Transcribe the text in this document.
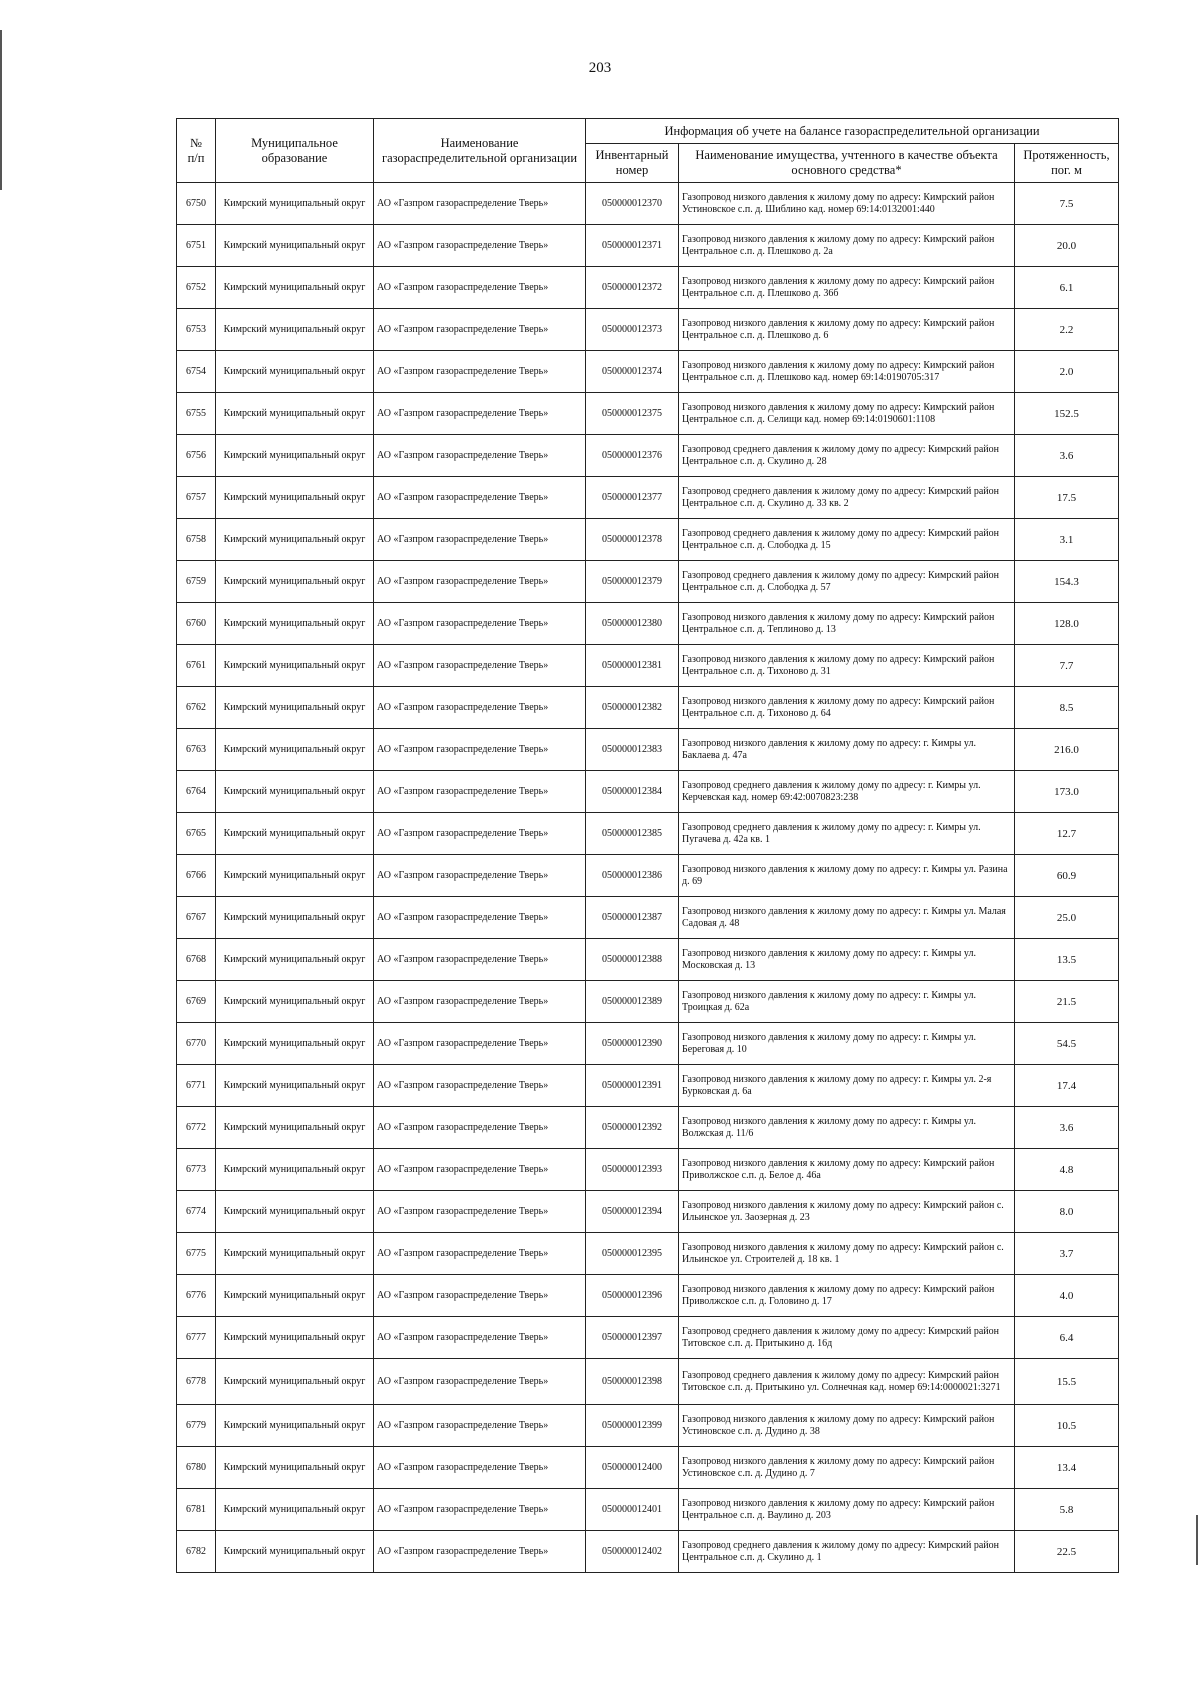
203
№
п/п	Муниципальное образование	Наименование газораспределительной организации	Информация об учете на балансе газораспределительной организации		
			Инвентарный номер	Наименование имущества, учтенного в качестве объекта основного средства*	Протяженность, пог. м
6750	Кимрский муниципальный округ	АО «Газпром газораспределение Тверь»	050000012370	Газопровод низкого давления к жилому дому по адресу: Кимрский район Устиновское с.п. д. Шиблино кад. номер 69:14:0132001:440	7.5
6751	Кимрский муниципальный округ	АО «Газпром газораспределение Тверь»	050000012371	Газопровод низкого давления к жилому дому по адресу: Кимрский район Центральное с.п. д. Плешково д. 2а	20.0
6752	Кимрский муниципальный округ	АО «Газпром газораспределение Тверь»	050000012372	Газопровод низкого давления к жилому дому по адресу: Кимрский район Центральное с.п. д. Плешково д. 36б	6.1
6753	Кимрский муниципальный округ	АО «Газпром газораспределение Тверь»	050000012373	Газопровод низкого давления к жилому дому по адресу: Кимрский район Центральное с.п. д. Плешково д. 6	2.2
6754	Кимрский муниципальный округ	АО «Газпром газораспределение Тверь»	050000012374	Газопровод низкого давления к жилому дому по адресу: Кимрский район Центральное с.п. д. Плешково кад. номер 69:14:0190705:317	2.0
6755	Кимрский муниципальный округ	АО «Газпром газораспределение Тверь»	050000012375	Газопровод низкого давления к жилому дому по адресу: Кимрский район Центральное с.п. д. Селищи кад. номер 69:14:0190601:1108	152.5
6756	Кимрский муниципальный округ	АО «Газпром газораспределение Тверь»	050000012376	Газопровод среднего давления к жилому дому по адресу: Кимрский район Центральное с.п. д. Скулино д. 28	3.6
6757	Кимрский муниципальный округ	АО «Газпром газораспределение Тверь»	050000012377	Газопровод среднего давления к жилому дому по адресу: Кимрский район Центральное с.п. д. Скулино д. 33 кв. 2	17.5
6758	Кимрский муниципальный округ	АО «Газпром газораспределение Тверь»	050000012378	Газопровод среднего давления к жилому дому по адресу: Кимрский район Центральное с.п. д. Слободка д. 15	3.1
6759	Кимрский муниципальный округ	АО «Газпром газораспределение Тверь»	050000012379	Газопровод среднего давления к жилому дому по адресу: Кимрский район Центральное с.п. д. Слободка д. 57	154.3
6760	Кимрский муниципальный округ	АО «Газпром газораспределение Тверь»	050000012380	Газопровод низкого давления к жилому дому по адресу: Кимрский район Центральное с.п. д. Теплиново д. 13	128.0
6761	Кимрский муниципальный округ	АО «Газпром газораспределение Тверь»	050000012381	Газопровод низкого давления к жилому дому по адресу: Кимрский район Центральное с.п. д. Тихоново д. 31	7.7
6762	Кимрский муниципальный округ	АО «Газпром газораспределение Тверь»	050000012382	Газопровод низкого давления к жилому дому по адресу: Кимрский район Центральное с.п. д. Тихоново д. 64	8.5
6763	Кимрский муниципальный округ	АО «Газпром газораспределение Тверь»	050000012383	Газопровод низкого давления к жилому дому по адресу: г. Кимры ул. Баклаева д. 47а	216.0
6764	Кимрский муниципальный округ	АО «Газпром газораспределение Тверь»	050000012384	Газопровод среднего давления к жилому дому по адресу: г. Кимры ул. Керчевская кад. номер 69:42:0070823:238	173.0
6765	Кимрский муниципальный округ	АО «Газпром газораспределение Тверь»	050000012385	Газопровод среднего давления к жилому дому по адресу: г. Кимры ул. Пугачева д. 42а кв. 1	12.7
6766	Кимрский муниципальный округ	АО «Газпром газораспределение Тверь»	050000012386	Газопровод низкого давления к жилому дому по адресу: г. Кимры ул. Разина д. 69	60.9
6767	Кимрский муниципальный округ	АО «Газпром газораспределение Тверь»	050000012387	Газопровод низкого давления к жилому дому по адресу: г. Кимры ул. Малая Садовая д. 48	25.0
6768	Кимрский муниципальный округ	АО «Газпром газораспределение Тверь»	050000012388	Газопровод низкого давления к жилому дому по адресу: г. Кимры ул. Московская д. 13	13.5
6769	Кимрский муниципальный округ	АО «Газпром газораспределение Тверь»	050000012389	Газопровод низкого давления к жилому дому по адресу: г. Кимры ул. Троицкая д. 62а	21.5
6770	Кимрский муниципальный округ	АО «Газпром газораспределение Тверь»	050000012390	Газопровод низкого давления к жилому дому по адресу: г. Кимры ул. Береговая д. 10	54.5
6771	Кимрский муниципальный округ	АО «Газпром газораспределение Тверь»	050000012391	Газопровод низкого давления к жилому дому по адресу: г. Кимры ул. 2-я Бурковская д. 6а	17.4
6772	Кимрский муниципальный округ	АО «Газпром газораспределение Тверь»	050000012392	Газопровод низкого давления к жилому дому по адресу: г. Кимры ул. Волжская д. 11/6	3.6
6773	Кимрский муниципальный округ	АО «Газпром газораспределение Тверь»	050000012393	Газопровод низкого давления к жилому дому по адресу: Кимрский район Приволжское с.п. д. Белое д. 46а	4.8
6774	Кимрский муниципальный округ	АО «Газпром газораспределение Тверь»	050000012394	Газопровод низкого давления к жилому дому по адресу: Кимрский район с. Ильинское ул. Заозерная д. 23	8.0
6775	Кимрский муниципальный округ	АО «Газпром газораспределение Тверь»	050000012395	Газопровод низкого давления к жилому дому по адресу: Кимрский район с. Ильинское ул. Строителей д. 18 кв. 1	3.7
6776	Кимрский муниципальный округ	АО «Газпром газораспределение Тверь»	050000012396	Газопровод низкого давления к жилому дому по адресу: Кимрский район Приволжское с.п. д. Головино д. 17	4.0
6777	Кимрский муниципальный округ	АО «Газпром газораспределение Тверь»	050000012397	Газопровод среднего давления к жилому дому по адресу: Кимрский район Титовское с.п. д. Притыкино д. 16д	6.4
6778	Кимрский муниципальный округ	АО «Газпром газораспределение Тверь»	050000012398	Газопровод среднего давления к жилому дому по адресу: Кимрский район Титовское с.п. д. Притыкино ул. Солнечная кад. номер 69:14:0000021:3271	15.5
6779	Кимрский муниципальный округ	АО «Газпром газораспределение Тверь»	050000012399	Газопровод низкого давления к жилому дому по адресу: Кимрский район Устиновское с.п. д. Дудино д. 38	10.5
6780	Кимрский муниципальный округ	АО «Газпром газораспределение Тверь»	050000012400	Газопровод низкого давления к жилому дому по адресу: Кимрский район Устиновское с.п. д. Дудино д. 7	13.4
6781	Кимрский муниципальный округ	АО «Газпром газораспределение Тверь»	050000012401	Газопровод низкого давления к жилому дому по адресу: Кимрский район Центральное с.п. д. Ваулино д. 203	5.8
6782	Кимрский муниципальный округ	АО «Газпром газораспределение Тверь»	050000012402	Газопровод среднего давления к жилому дому по адресу: Кимрский район Центральное с.п. д. Скулино д. 1	22.5
